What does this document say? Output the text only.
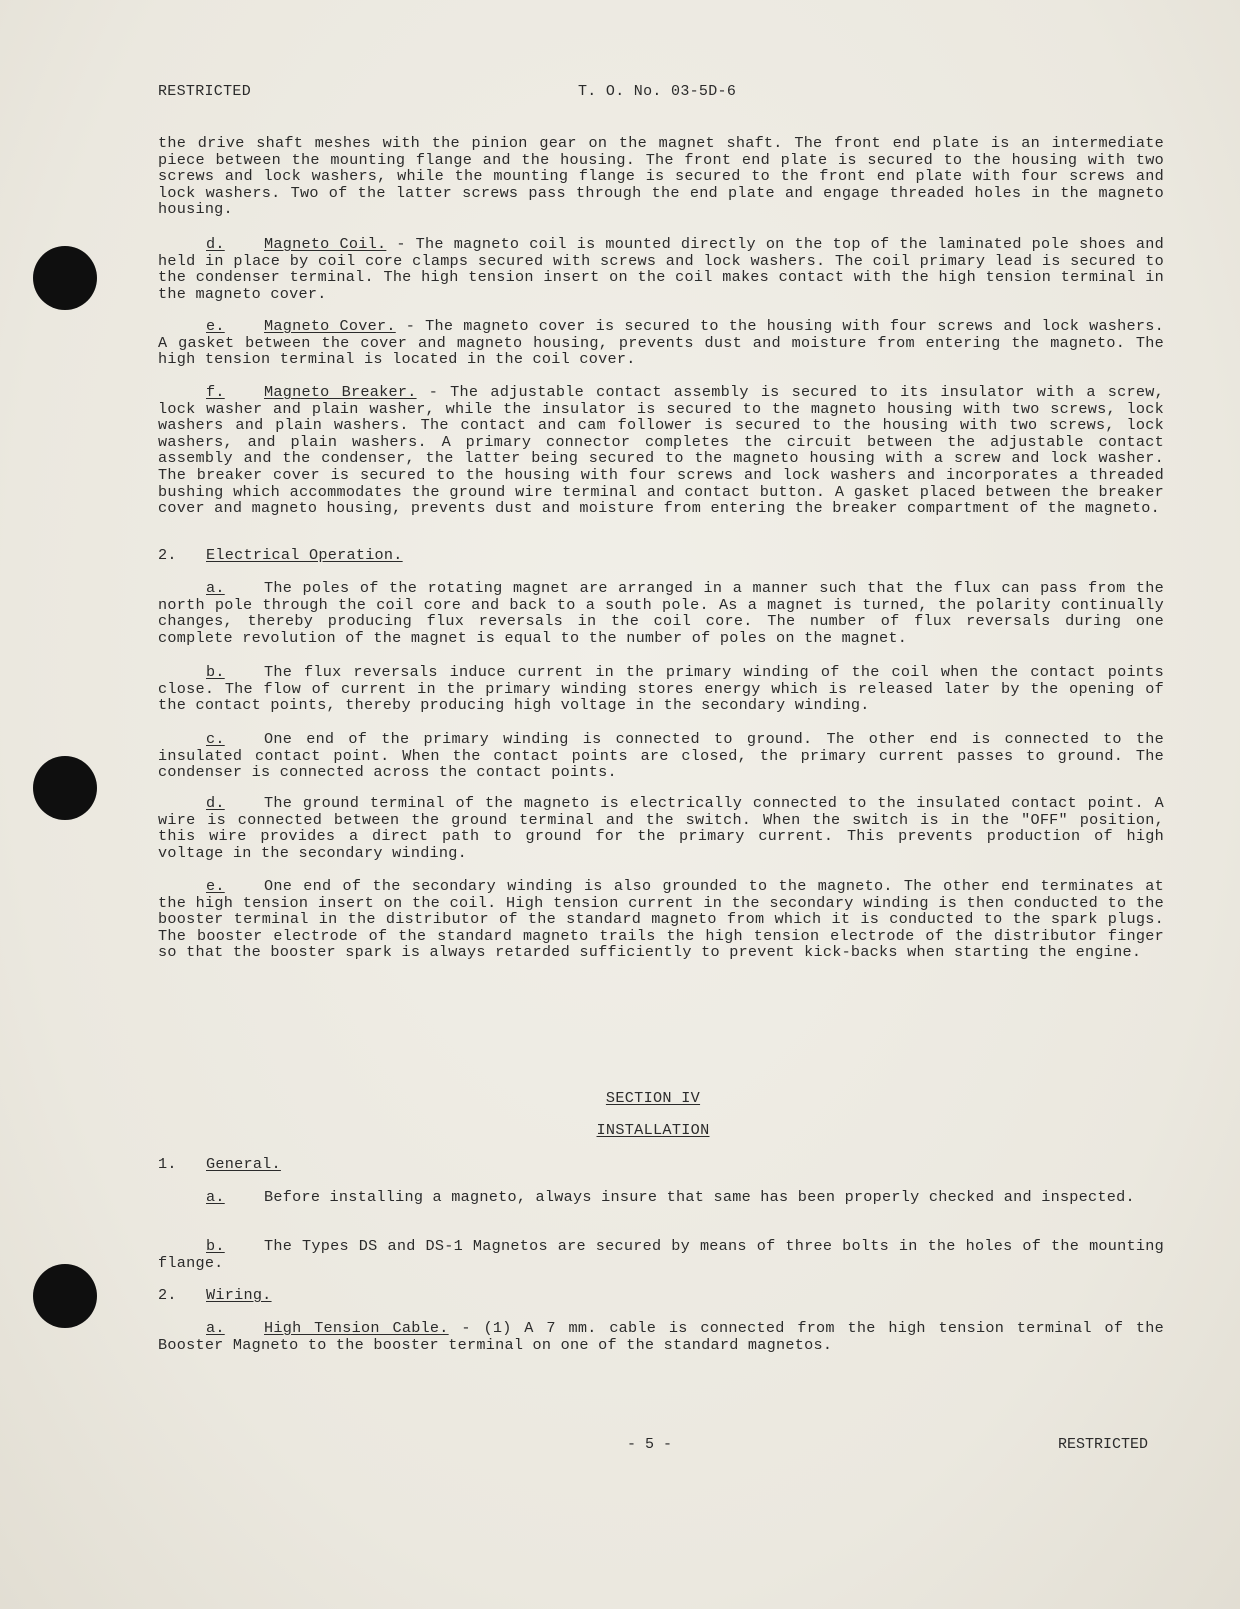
RESTRICTED	T. O. No. 03-5D-6
the drive shaft meshes with the pinion gear on the magnet shaft. The front end plate is an intermediate piece between the mounting flange and the housing. The front end plate is secured to the housing with two screws and lock washers, while the mounting flange is secured to the front end plate with four screws and lock washers. Two of the latter screws pass through the end plate and engage threaded holes in the magneto housing.
d.	Magneto Coil. - The magneto coil is mounted directly on the top of the laminated pole shoes and held in place by coil core clamps secured with screws and lock washers. The coil primary lead is secured to the condenser terminal. The high tension insert on the coil makes contact with the high tension terminal in the magneto cover.
e.	Magneto Cover. - The magneto cover is secured to the housing with four screws and lock washers. A gasket between the cover and magneto housing, prevents dust and moisture from entering the magneto. The high tension terminal is located in the coil cover.
f.	Magneto Breaker. - The adjustable contact assembly is secured to its insulator with a screw, lock washer and plain washer, while the insulator is secured to the magneto housing with two screws, lock washers and plain washers. The contact and cam follower is secured to the housing with two screws, lock washers, and plain washers. A primary connector completes the circuit between the adjustable contact assembly and the condenser, the latter being secured to the magneto housing with a screw and lock washer. The breaker cover is secured to the housing with four screws and lock washers and incorporates a threaded bushing which accommodates the ground wire terminal and contact button. A gasket placed between the breaker cover and magneto housing, prevents dust and moisture from entering the breaker compartment of the magneto.
2. Electrical Operation.
a.	The poles of the rotating magnet are arranged in a manner such that the flux can pass from the north pole through the coil core and back to a south pole. As a magnet is turned, the polarity continually changes, thereby producing flux reversals in the coil core. The number of flux reversals during one complete revolution of the magnet is equal to the number of poles on the magnet.
b.	The flux reversals induce current in the primary winding of the coil when the contact points close. The flow of current in the primary winding stores energy which is released later by the opening of the contact points, thereby producing high voltage in the secondary winding.
c.	One end of the primary winding is connected to ground. The other end is connected to the insulated contact point. When the contact points are closed, the primary current passes to ground. The condenser is connected across the contact points.
d.	The ground terminal of the magneto is electrically connected to the insulated contact point. A wire is connected between the ground terminal and the switch. When the switch is in the "OFF" position, this wire provides a direct path to ground for the primary current. This prevents production of high voltage in the secondary winding.
e.	One end of the secondary winding is also grounded to the magneto. The other end terminates at the high tension insert on the coil. High tension current in the secondary winding is then conducted to the booster terminal in the distributor of the standard magneto from which it is conducted to the spark plugs. The booster electrode of the standard magneto trails the high tension electrode of the distributor finger so that the booster spark is always retarded sufficiently to prevent kick-backs when starting the engine.
SECTION IV
INSTALLATION
1. General.
a.	Before installing a magneto, always insure that same has been properly checked and inspected.
b.	The Types DS and DS-1 Magnetos are secured by means of three bolts in the holes of the mounting flange.
2. Wiring.
a.	High Tension Cable. - (1) A 7 mm. cable is connected from the high tension terminal of the Booster Magneto to the booster terminal on one of the standard magnetos.
- 5 -	RESTRICTED
